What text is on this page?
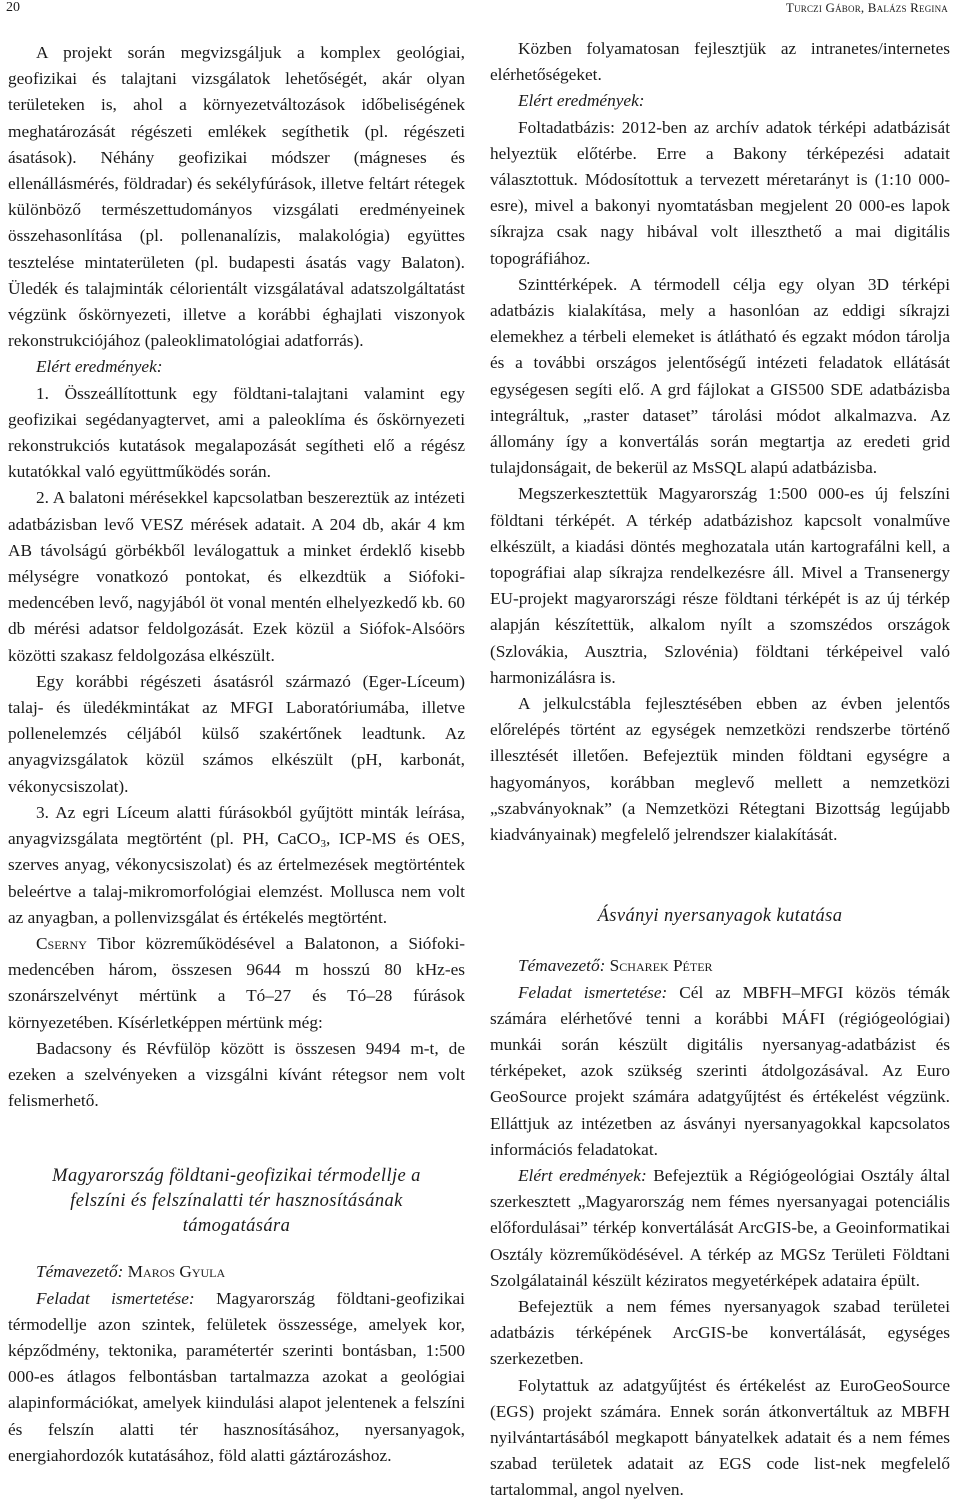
20	Turczi Gábor, Balázs Regina

A projekt során megvizsgáljuk a komplex geológiai, geofizikai és talajtani vizsgálatok lehetőségét, akár olyan területeken is, ahol a környezetváltozások időbeliségének meghatározását régészeti emlékek segíthetik (pl. régészeti ásatások). Néhány geofizikai módszer (mágneses és ellenállásmérés, földradar) és sekélyfúrások, illetve feltárt rétegek különböző természettudományos vizsgálati eredményeinek összehasonlítása (pl. pollenanalízis, malakológia) együttes tesztelése mintaterületen (pl. budapesti ásatás vagy Balaton). Üledék és talajminták célorientált vizsgálatával adatszolgáltatást végzünk őskörnyezeti, illetve a korábbi éghajlati viszonyok rekonstrukciójához (paleoklimatológiai adatforrás).

Elért eredmények:

1. Összeállítottunk egy földtani-talajtani valamint egy geofizikai segédanyagtervet, ami a paleoklíma és őskörnyezeti rekonstrukciós kutatások megalapozását segítheti elő a régész kutatókkal való együttműködés során.

2. A balatoni mérésekkel kapcsolatban beszereztük az intézeti adatbázisban levő VESZ mérések adatait. A 204 db, akár 4 km AB távolságú görbékből leválogattuk a minket érdeklő kisebb mélységre vonatkozó pontokat, és elkezdtük a Siófoki-medencében levő, nagyjából öt vonal mentén elhelyezkedő kb. 60 db mérési adatsor feldolgozását. Ezek közül a Siófok-Alsóörs közötti szakasz feldolgozása elkészült.

Egy korábbi régészeti ásatásról származó (Eger-Líceum) talaj- és üledékmintákat az MFGI Laboratóriumába, illetve pollenelemzés céljából külső szakértőnek leadtunk. Az anyagvizsgálatok közül számos elkészült (pH, karbonát, vékonycsiszolat).

3. Az egri Líceum alatti fúrásokból gyűjtött minták leírása, anyagvizsgálata megtörtént (pl. PH, CaCO$_3$, ICP-MS és OES, szerves anyag, vékonycsiszolat) és az értelmezések megtörténtek beleértve a talaj-mikromorfológiai elemzést. Mollusca nem volt az anyagban, a pollenvizsgálat és értékelés megtörtént.

Cserny Tibor közreműködésével a Balatonon, a Siófoki-medencében három, összesen 9644 m hosszú 80 kHz-es szonárszelvényt mértünk a Tó–27 és Tó–28 fúrások környezetében. Kísérletképpen mértünk még:

Badacsony és Révfülöp között is összesen 9494 m-t, de ezeken a szelvényeken a vizsgálni kívánt rétegsor nem volt felismerhető.

Magyarország földtani-geofizikai térmodellje a
felszíni és felszínalatti tér hasznosításának
támogatására

Témavezető: Maros Gyula

Feladat ismertetése: Magyarország földtani-geofizikai térmodellje azon szintek, felületek összessége, amelyek kor, képződmény, tektonika, paramétertér szerinti bontásban, 1:500 000-es átlagos felbontásban tartalmazza azokat a geológiai alapinformációkat, amelyek kiindulási alapot jelentenek a felszíni és felszín alatti tér hasznosításához, nyersanyagok, energiahordozók kutatásához, föld alatti gáztározáshoz.

Közben folyamatosan fejlesztjük az intranetes/internetes elérhetőségeket.

Elért eredmények:

Foltadatbázis: 2012-ben az archív adatok térképi adatbázisát helyeztük előtérbe. Erre a Bakony térképezési adatait választottuk. Módosítottuk a tervezett méretarányt is (1:10 000-esre), mivel a bakonyi nyomtatásban megjelent 20 000-es lapok síkrajza csak nagy hibával volt illeszthető a mai digitális topográfiához.

Szinttérképek. A térmodell célja egy olyan 3D térképi adatbázis kialakítása, mely a hasonlóan az eddigi síkrajzi elemekhez a térbeli elemeket is átlátható és egzakt módon tárolja és a további országos jelentőségű intézeti feladatok ellátását egységesen segíti elő. A grd fájlokat a GIS500 SDE adatbázisba integráltuk, „raster dataset” tárolási módot alkalmazva. Az állomány így a konvertálás során megtartja az eredeti grid tulajdonságait, de bekerül az MsSQL alapú adatbázisba.

Megszerkesztettük Magyarország 1:500 000-es új felszíni földtani térképét. A térkép adatbázishoz kapcsolt vonalműve elkészült, a kiadási döntés meghozatala után kartografálni kell, a topográfiai alap síkrajza rendelkezésre áll. Mivel a Transenergy EU-projekt magyarországi része földtani térképét is az új térkép alapján készítettük, alkalom nyílt a szomszédos országok (Szlovákia, Ausztria, Szlovénia) földtani térképeivel való harmonizálásra is.

A jelkulcstábla fejlesztésében ebben az évben jelentős előrelépés történt az egységek nemzetközi rendszerbe történő illesztését illetően. Befejeztük minden földtani egységre a hagyományos, korábban meglevő mellett a nemzetközi „szabványoknak” (a Nemzetközi Rétegtani Bizottság legújabb kiadványainak) megfelelő jelrendszer kialakítását.

Ásványi nyersanyagok kutatása

Témavezető: Scharek Péter

Feladat ismertetése: Cél az MBFH–MFGI közös témák számára elérhetővé tenni a korábbi MÁFI (régiógeológiai) munkái során készült digitális nyersanyag-adatbázist és térképeket, azok szükség szerinti átdolgozásával. Az Euro GeoSource projekt számára adatgyűjtést és értékelést végzünk. Elláttjuk az intézetben az ásványi nyersanyagokkal kapcsolatos információs feladatokat.

Elért eredmények: Befejeztük a Régiógeológiai Osztály által szerkesztett „Magyarország nem fémes nyersanyagai potenciális előfordulásai” térkép konvertálását ArcGIS-be, a Geoinformatikai Osztály közreműködésével. A térkép az MGSz Területi Földtani Szolgálatainál készült kéziratos megyetérképek adataira épült.

Befejeztük a nem fémes nyersanyagok szabad területei adatbázis térképének ArcGIS-be konvertálását, egységes szerkezetben.

Folytattuk az adatgyűjtést és értékelést az EuroGeoSource (EGS) projekt számára. Ennek során átkonvertáltuk az MBFH nyilvántartásából megkapott bányatelkek adatait és a nem fémes szabad területek adatait az EGS code list-nek megfelelő tartalommal, angol nyelven.
